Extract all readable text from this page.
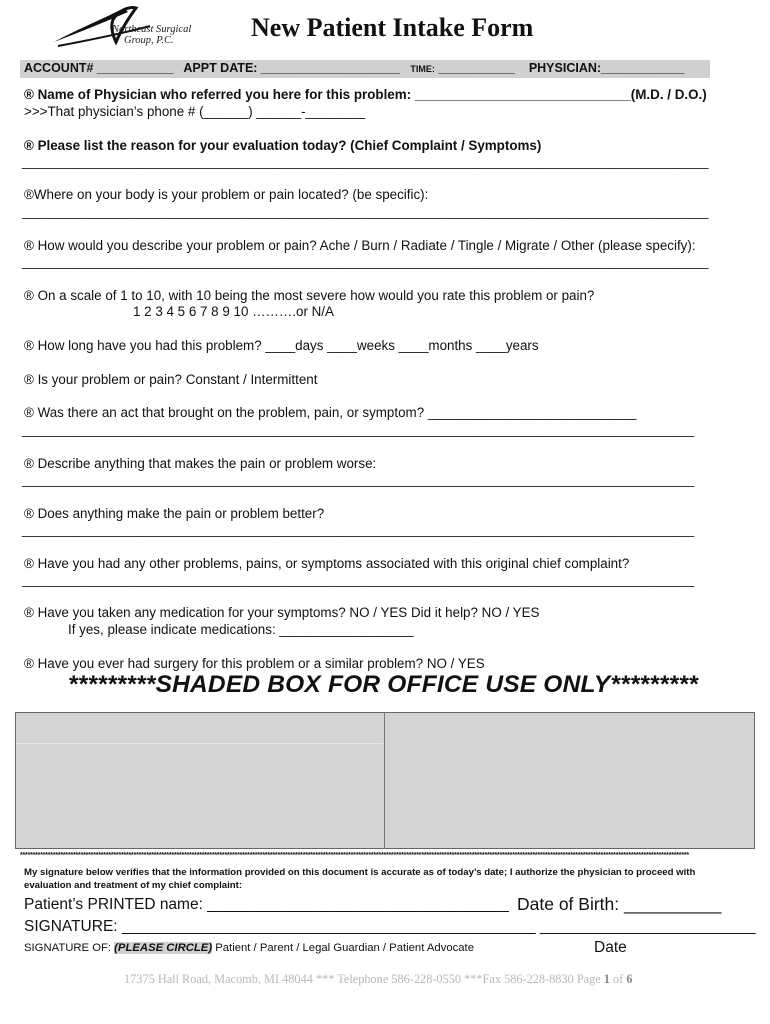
Northeast Surgical
Group, P.C.	New Patient Intake Form
ACCOUNT# ___________ APPT DATE: ____________________ TIME: ___________ PHYSICIAN:____________
® Name of Physician who referred you here for this problem: _____________________________(M.D. / D.O.)
>>>That physician’s phone # (______) ______-________
® Please list the reason for your evaluation today? (Chief Complaint / Symptoms)
________________________________________________________________________________________________
®Where on your body is your problem or pain located? (be specific):
________________________________________________________________________________________________
® How would you describe your problem or pain? Ache / Burn / Radiate / Tingle / Migrate / Other (please specify):
________________________________________________________________________________________________
® On a scale of 1 to 10, with 10 being the most severe how would you rate this problem or pain?
1 2 3 4 5 6 7 8 9 10 ……….or N/A
® How long have you had this problem? ____days ____weeks ____months ____years
® Is your problem or pain? Constant / Intermittent
® Was there an act that brought on the problem, pain, or symptom? ____________________________
______________________________________________________________________________________________
® Describe anything that makes the pain or problem worse:
______________________________________________________________________________________________
® Does anything make the pain or problem better?
______________________________________________________________________________________________
® Have you had any other problems, pains, or symptoms associated with this original chief complaint?
______________________________________________________________________________________________
® Have you taken any medication for your symptoms? NO / YES Did it help? NO / YES
If yes, please indicate medications: __________________
® Have you ever had surgery for this problem or a similar problem? NO / YES
*********SHADED BOX FOR OFFICE USE ONLY*********
*************************************************************************************************************************************************************************************************************************************************************************
My signature below verifies that the information provided on this document is accurate as of today’s date; I authorize the physician to proceed with evaluation and treatment of my chief complaint:
Patient’s PRINTED name: ___________________________________ Date of Birth: __________
SIGNATURE: ________________________________________________ _________________________
SIGNATURE OF: (PLEASE CIRCLE) Patient / Parent / Legal Guardian / Patient Advocate	Date
17375 Hall Road, Macomb, MI 48044 *** Telephone 586-228-0550 ***Fax 586-228-8830 Page 1 of 6
